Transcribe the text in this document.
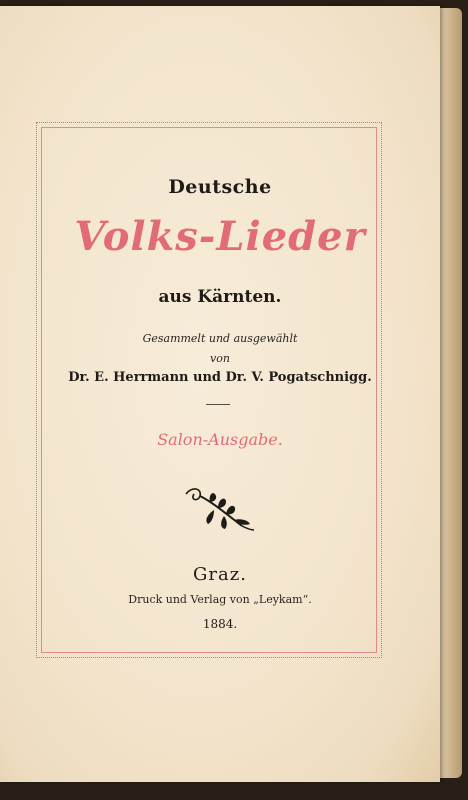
Deutsche
Volks-Lieder
aus Kärnten.
Gesammelt und ausgewählt
von
Dr. E. Herrmann und Dr. V. Pogatschnigg.
Salon-Ausgabe.
Graz.
Druck und Verlag von „Leykam“.
1884.
